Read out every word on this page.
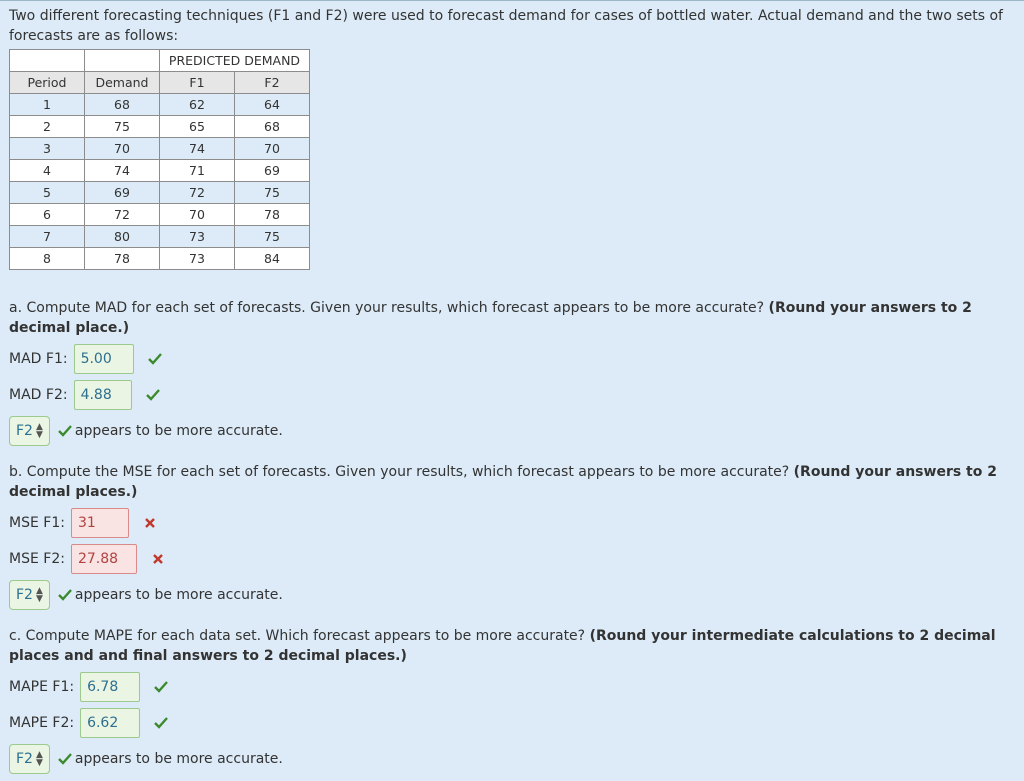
Two different forecasting techniques (F1 and F2) were used to forecast demand for cases of bottled water. Actual demand and the two sets of forecasts are as follows:
		PREDICTED DEMAND	
Period	Demand	F1	F2
1	68	62	64
2	75	65	68
3	70	74	70
4	74	71	69
5	69	72	75
6	72	70	78
7	80	73	75
8	78	73	84
a. Compute MAD for each set of forecasts. Given your results, which forecast appears to be more accurate? (Round your answers to 2 decimal place.)
MAD F1: 5.00
MAD F2: 4.88
F2 ▲
▼ appears to be more accurate.
b. Compute the MSE for each set of forecasts. Given your results, which forecast appears to be more accurate? (Round your answers to 2 decimal places.)
MSE F1: 31
MSE F2: 27.88
F2 ▲
▼ appears to be more accurate.
c. Compute MAPE for each data set. Which forecast appears to be more accurate? (Round your intermediate calculations to 2 decimal places and and final answers to 2 decimal places.)
MAPE F1: 6.78
MAPE F2: 6.62
F2 ▲
▼ appears to be more accurate.
